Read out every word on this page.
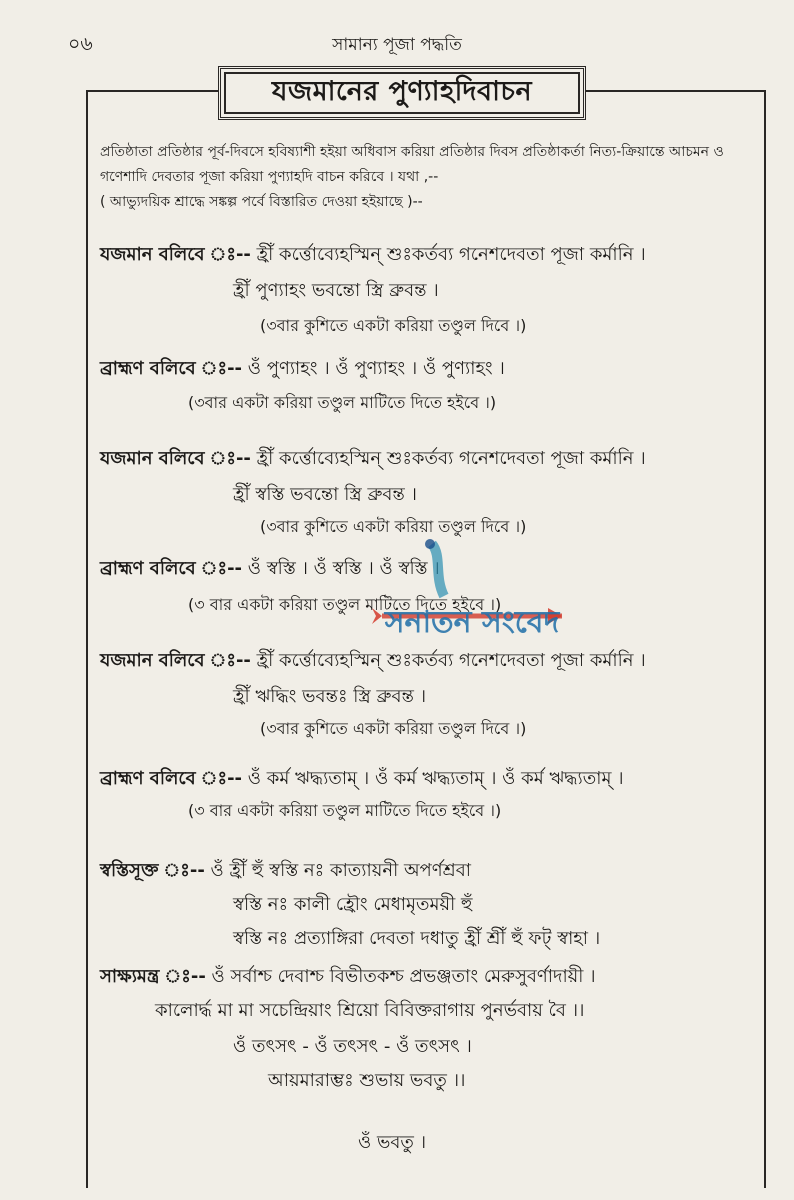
০৬	সামান্য পূজা পদ্ধতি
যজমানের পুণ্যাহদিবাচন

প্রতিষ্ঠাতা প্রতিষ্ঠার পূর্ব-দিবসে হবিষ্যাশী হইয়া অধিবাস করিয়া প্রতিষ্ঠার দিবস প্রতিষ্ঠাকর্তা নিত্য-ক্রিয়ান্তে আচমন ও গণেশাদি দেবতার পূজা করিয়া পুণ্যাহদি বাচন করিবে । যথা ,--

( আভ্যুদয়িক শ্রাদ্ধে সঙ্কল্প পর্বে বিস্তারিত দেওয়া হইয়াছে )--

যজমান বলিবে ঃ-- হ্রীঁ কর্ত্তোব্যেহস্মিন্ শুঃকর্তব্য গনেশদেবতা পূজা কর্মানি ।
হ্রীঁ পুণ্যাহং ভবন্তো স্ত্রি ব্রুবন্ত ।
(৩বার কুশিতে একটা করিয়া তণ্ডুল দিবে ।)
ব্রাহ্মণ বলিবে ঃ-- ওঁ পুণ্যাহং । ওঁ পুণ্যাহং । ওঁ পুণ্যাহং ।
(৩বার একটা করিয়া তণ্ডুল মাটিতে দিতে হইবে ।)
যজমান বলিবে ঃ-- হ্রীঁ কর্ত্তোব্যেহস্মিন্ শুঃকর্তব্য গনেশদেবতা পূজা কর্মানি ।
হ্রীঁ স্বস্তি ভবন্তো স্ত্রি ব্রুবন্ত ।
(৩বার কুশিতে একটা করিয়া তণ্ডুল দিবে ।)
ব্রাহ্মণ বলিবে ঃ-- ওঁ স্বস্তি । ওঁ স্বস্তি । ওঁ স্বস্তি ।
(৩ বার একটা করিয়া তণ্ডুল মাটিতে দিতে হইবে ।)
যজমান বলিবে ঃ-- হ্রীঁ কর্ত্তোব্যেহস্মিন্ শুঃকর্তব্য গনেশদেবতা পূজা কর্মানি ।
হ্রীঁ ঋদ্ধিং ভবন্তঃ স্ত্রি ব্রুবন্ত ।
(৩বার কুশিতে একটা করিয়া তণ্ডুল দিবে ।)
ব্রাহ্মণ বলিবে ঃ-- ওঁ কর্ম ঋদ্ধ্যতাম্ । ওঁ কর্ম ঋদ্ধ্যতাম্ । ওঁ কর্ম ঋদ্ধ্যতাম্ ।
(৩ বার একটা করিয়া তণ্ডুল মাটিতে দিতে হইবে ।)
স্বস্তিসূক্ত ঃ-- ওঁ হ্রীঁ হুঁ স্বস্তি নঃ কাত্যায়নী অপর্ণশ্রবা
স্বস্তি নঃ কালী হ্রৌং মেধামৃতময়ী হুঁ
স্বস্তি নঃ প্রত্যাঙ্গিরা দেবতা দধাতু হ্রীঁ শ্রীঁ হুঁ ফট্ স্বাহা ।
সাক্ষ্যমন্ত্র ঃ-- ওঁ সর্বাশ্চ দেবাশ্চ বিভীতকশ্চ প্রভঞ্জতাং মেরুসুবর্ণাদায়ী ।
কালোর্দ্ধ মা মা সচেন্দ্রিয়াং শ্রিয়ো বিবিক্তরাগায় পুনর্ভবায় বৈ ।।
ওঁ তৎসৎ - ওঁ তৎসৎ - ওঁ তৎসৎ ।
আয়মারাম্ভঃ শুভায় ভবতু ।।
ওঁ ভবতু ।
সনাতন সংবেদ
